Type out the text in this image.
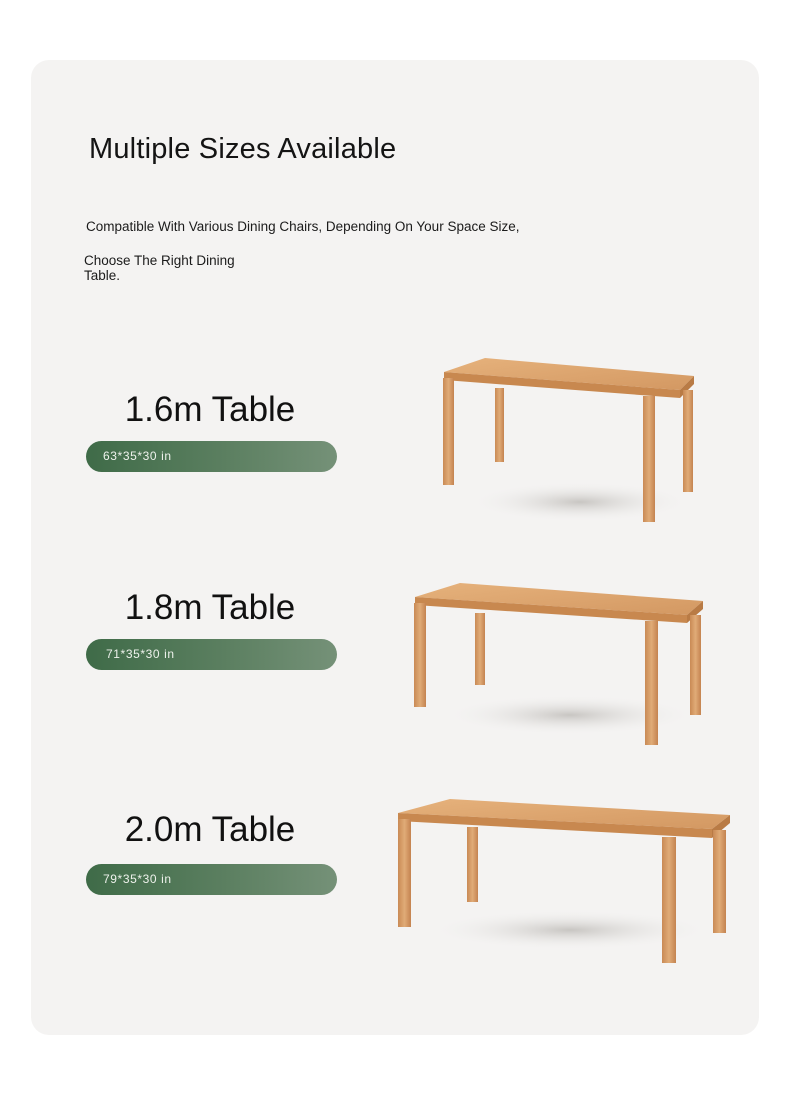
Multiple Sizes Available

Compatible With Various Dining Chairs, Depending On Your Space Size,

Choose The Right Dining Table.

1.6m Table
63*35*30 in
1.8m Table
71*35*30 in
2.0m Table
79*35*30 in
